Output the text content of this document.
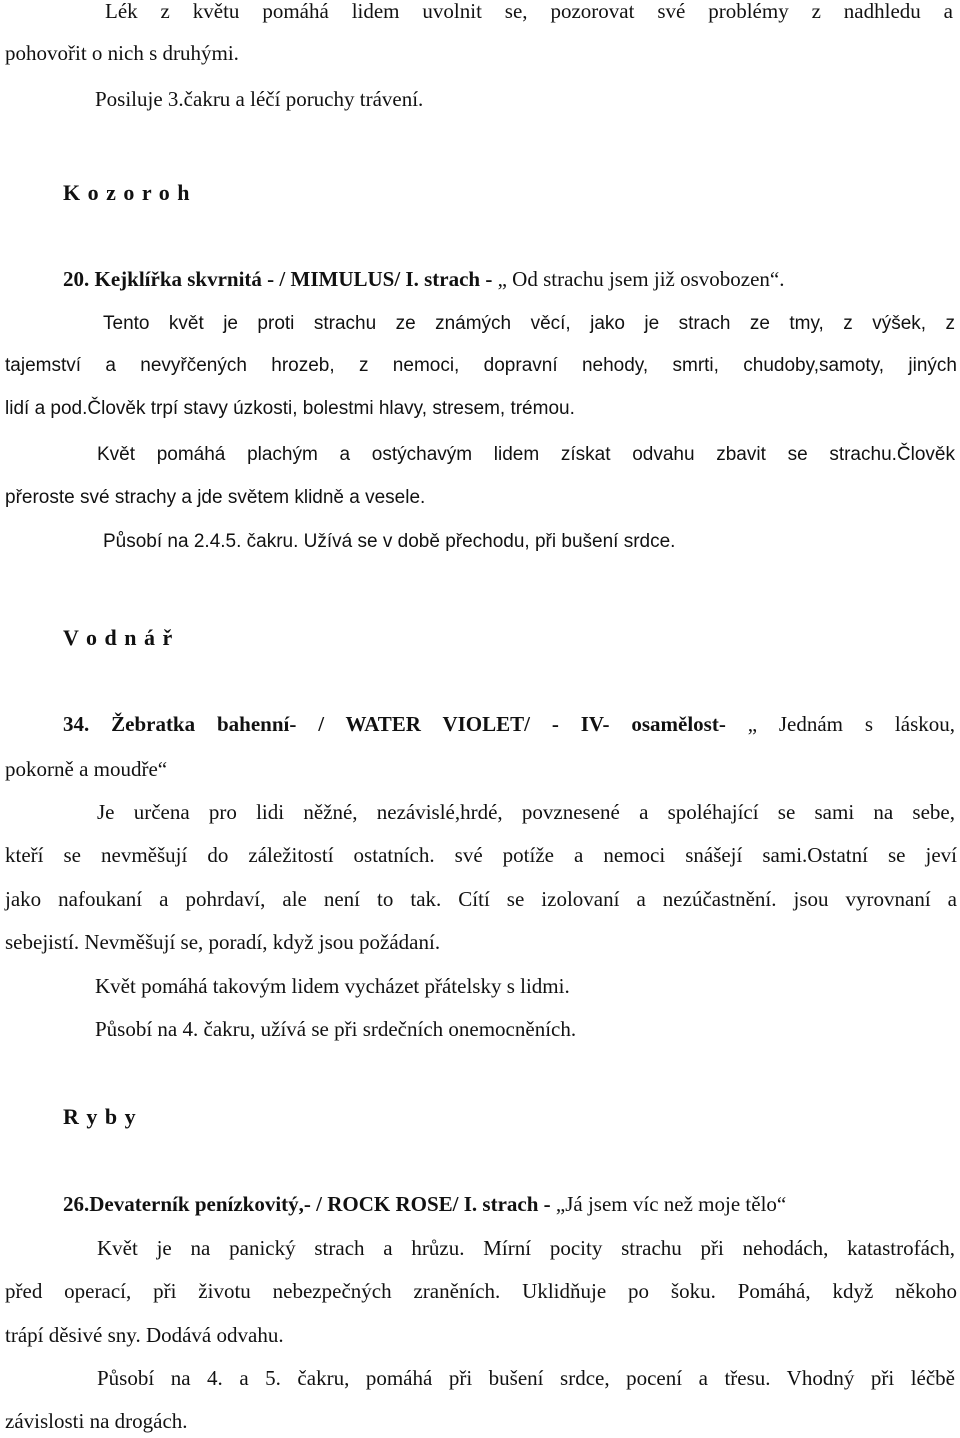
Lék z květu pomáhá lidem uvolnit se, pozorovat své problémy z nadhledu a
pohovořit o nich s druhými.
Posiluje 3.čakru a léčí poruchy trávení.
K o z o r o h
20. Kejklířka skvrnitá - / MIMULUS/ I. strach - „ Od strachu jsem již osvobozen“.
Tento květ je proti strachu ze známých věcí, jako je strach ze tmy, z výšek, z
tajemství a nevyřčených hrozeb, z nemoci, dopravní nehody, smrti, chudoby,samoty, jiných
lidí a pod.Člověk trpí stavy úzkosti, bolestmi hlavy, stresem, trémou.
Květ pomáhá plachým a ostýchavým lidem získat odvahu zbavit se strachu.Člověk
přeroste své strachy a jde světem klidně a vesele.
Působí na 2.4.5. čakru. Užívá se v době přechodu, při bušení srdce.
V o d n á ř
34. Žebratka bahenní- / WATER VIOLET/ - IV- osamělost- „ Jednám s láskou,
pokorně a moudře“
Je určena pro lidi něžné, nezávislé,hrdé, povznesené a spoléhající se sami na sebe,
kteří se nevměšují do záležitostí ostatních. své potíže a nemoci snášejí sami.Ostatní se jeví
jako nafoukaní a pohrdaví, ale není to tak. Cítí se izolovaní a nezúčastnění. jsou vyrovnaní a
sebejistí. Nevměšují se, poradí, když jsou požádaní.
Květ pomáhá takovým lidem vycházet přátelsky s lidmi.
Působí na 4. čakru, užívá se při srdečních onemocněních.
R y b y
26.Devaterník penízkovitý,- / ROCK ROSE/ I. strach - „Já jsem víc než moje tělo“
Květ je na panický strach a hrůzu. Mírní pocity strachu při nehodách, katastrofách,
před operací, při životu nebezpečných zraněních. Uklidňuje po šoku. Pomáhá, když někoho
trápí děsivé sny. Dodává odvahu.
Působí na 4. a 5. čakru, pomáhá při bušení srdce, pocení a třesu. Vhodný při léčbě
závislosti na drogách.
